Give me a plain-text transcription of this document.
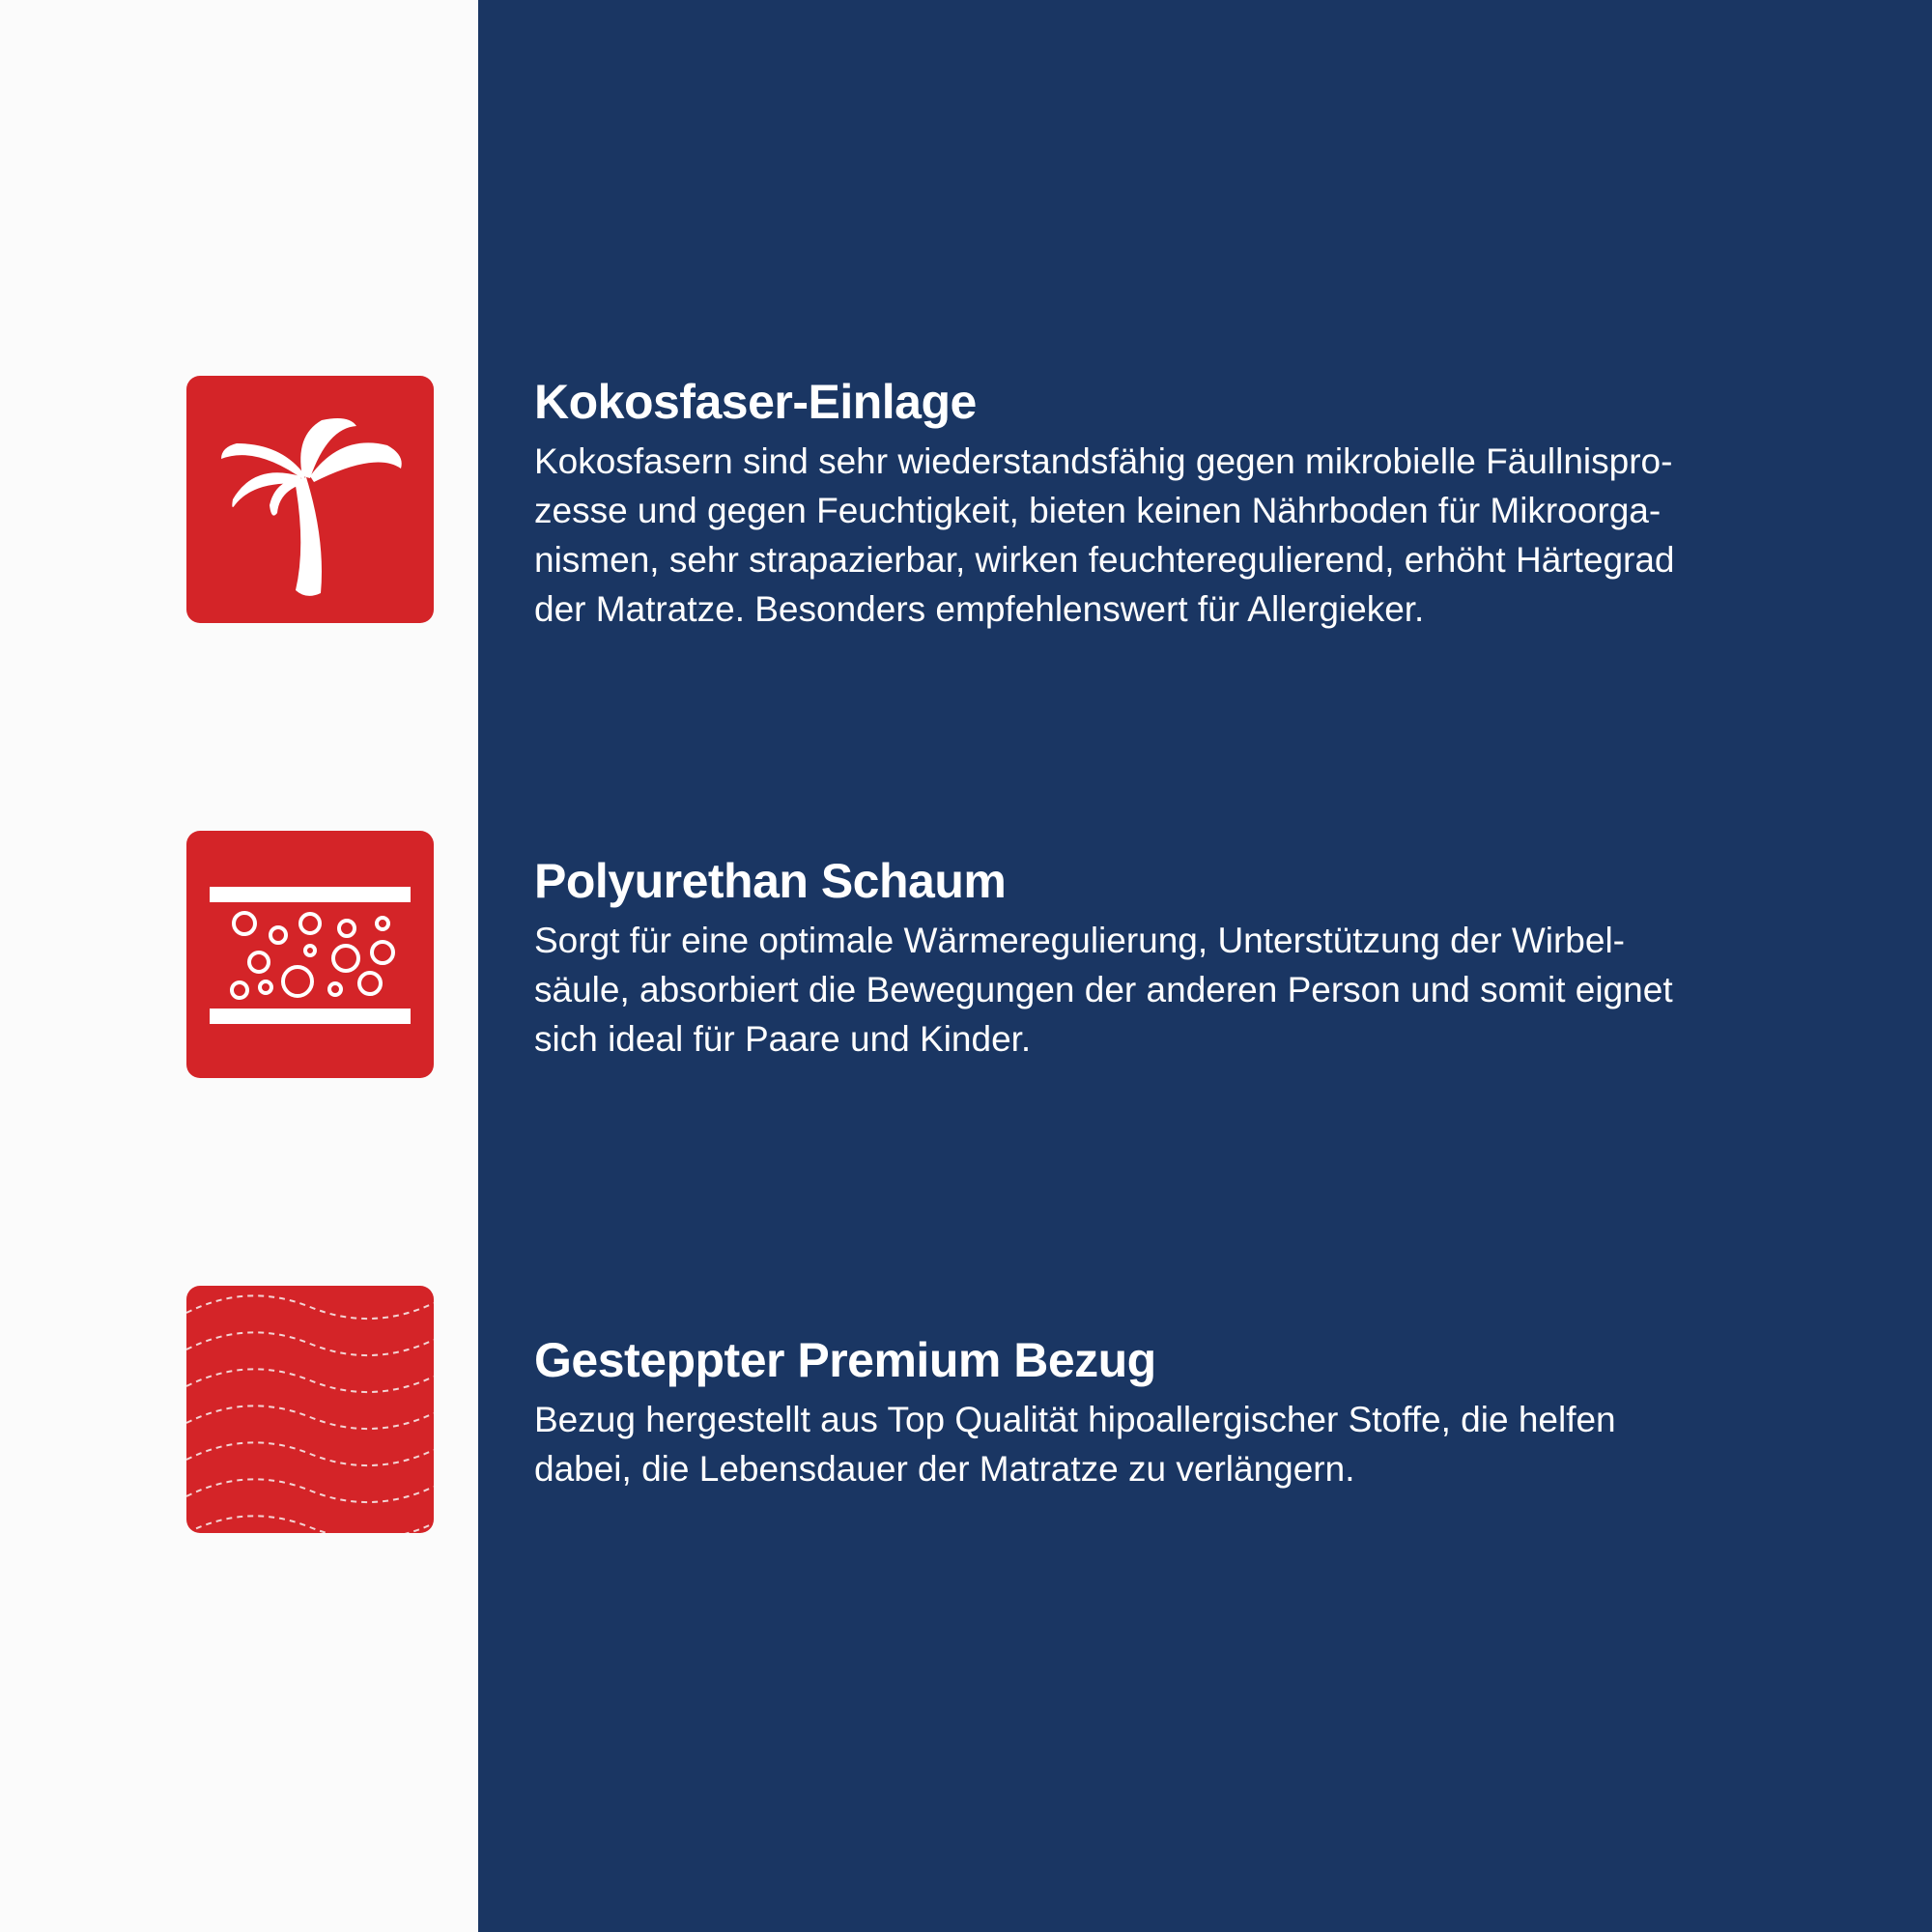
Kokosfaser-Einlage

Kokosfasern sind sehr wiederstandsfähig gegen mikrobielle Fäullnispro-
zesse und gegen Feuchtigkeit, bieten keinen Nährboden für Mikroorga-
nismen, sehr strapazierbar, wirken feuchteregulierend, erhöht Härtegrad
der Matratze. Besonders empfehlenswert für Allergieker.

Polyurethan Schaum

Sorgt für eine optimale Wärmeregulierung, Unterstützung der Wirbel-
säule, absorbiert die Bewegungen der anderen Person und somit eignet
sich ideal für Paare und Kinder.

Gesteppter Premium Bezug

Bezug hergestellt aus Top Qualität hipoallergischer Stoffe, die helfen
dabei, die Lebensdauer der Matratze zu verlängern.
